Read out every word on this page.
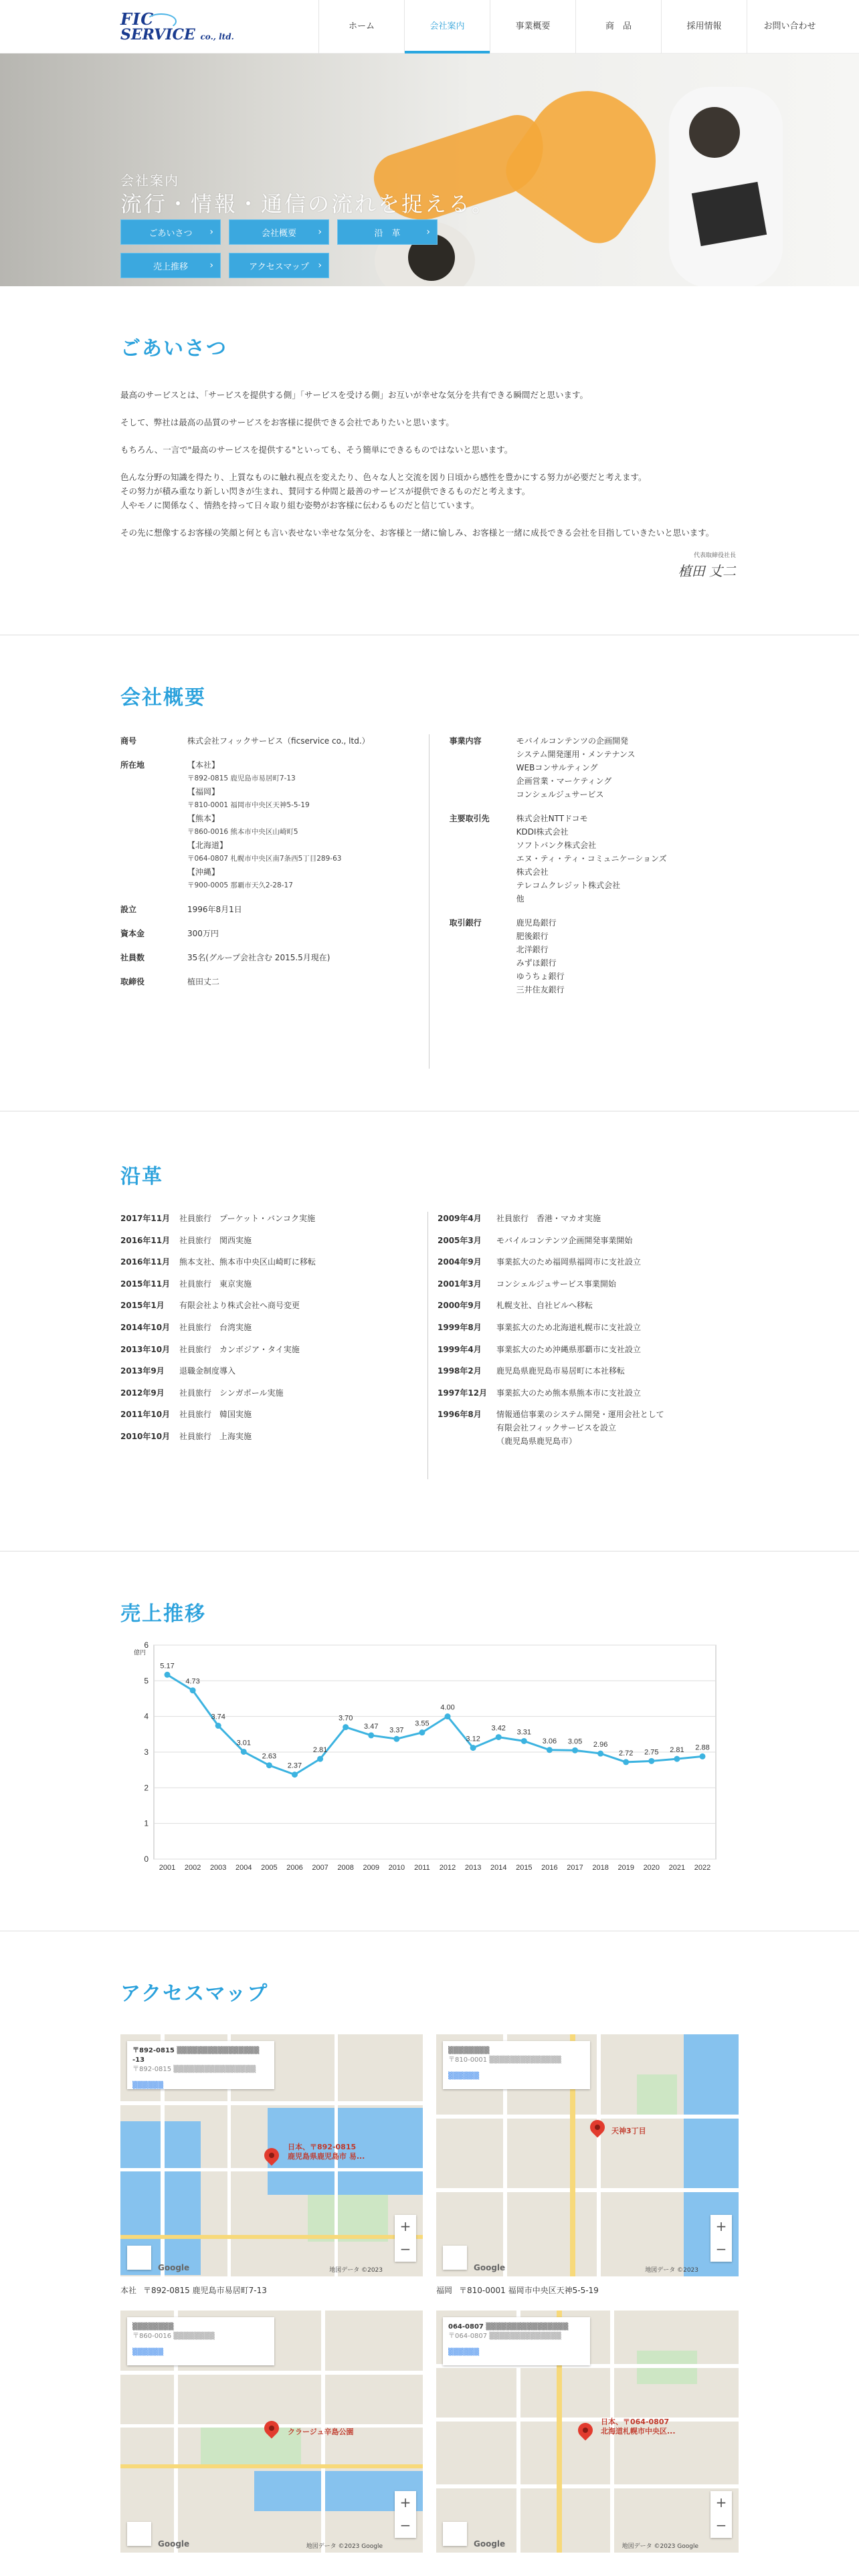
FIC
SERVICE co., ltd.
ホーム	会社案内	事業概要	商　品	採用情報	お問い合わせ
会社案内
流行・情報・通信の流れを捉える。
ごあいさつ ›	会社概要 ›	沿　革	›
売上推移 ›	アクセスマップ ›
ごあいさつ

最高のサービスとは、「サービスを提供する側」「サービスを受ける側」お互いが幸せな気分を共有できる瞬間だと思います。

そして、弊社は最高の品質のサービスをお客様に提供できる会社でありたいと思います。

もちろん、一言で"最高のサービスを提供する"といっても、そう簡単にできるものではないと思います。

色んな分野の知識を得たり、上質なものに触れ視点を変えたり、色々な人と交流を図り日頃から感性を豊かにする努力が必要だと考えます。
その努力が積み重なり新しい閃きが生まれ、賛同する仲間と最善のサービスが提供できるものだと考えます。
人やモノに関係なく、情熱を持って日々取り組む姿勢がお客様に伝わるものだと信じています。

その先に想像するお客様の笑顔と何とも言い表せない幸せな気分を、お客様と一緒に愉しみ、お客様と一緒に成長できる会社を目指していきたいと思います。

代表取締役社長
植田 丈二
会社概要
商号	株式会社フィックサービス（ficservice co., ltd.）
所在地	【本社】
〒892-0815 鹿児島市易居町7-13
【福岡】
〒810-0001 福岡市中央区天神5-5-19
【熊本】
〒860-0016 熊本市中央区山崎町5
【北海道】
〒064-0807 札幌市中央区南7条西5丁目289-63
【沖縄】
〒900-0005 那覇市天久2-28-17
設立	1996年8月1日
資本金	300万円
社員数	35名(グループ会社含む 2015.5月現在)
取締役	植田丈二
事業内容	モバイルコンテンツの企画開発
システム開発運用・メンテナンス
WEBコンサルティング
企画営業・マーケティング
コンシェルジュサービス
主要取引先	株式会社NTTドコモ
KDDI株式会社
ソフトバンク株式会社
エヌ・ティ・ティ・コミュニケーションズ
株式会社
テレコムクレジット株式会社
他
取引銀行	鹿児島銀行
肥後銀行
北洋銀行
みずほ銀行
ゆうちょ銀行
三井住友銀行
沿革
2017年11月	社員旅行　プーケット・バンコク実施
2016年11月	社員旅行　関西実施
2016年11月	熊本支社、熊本市中央区山崎町に移転
2015年11月	社員旅行　東京実施
2015年1月	有限会社より株式会社へ商号変更
2014年10月	社員旅行　台湾実施
2013年10月	社員旅行　カンボジア・タイ実施
2013年9月	退職金制度導入
2012年9月	社員旅行　シンガポール実施
2011年10月	社員旅行　韓国実施
2010年10月	社員旅行　上海実施
2009年4月	社員旅行　香港・マカオ実施
2005年3月	モバイルコンテンツ企画開発事業開始
2004年9月	事業拡大のため福岡県福岡市に支社設立
2001年3月	コンシェルジュサービス事業開始
2000年9月	札幌支社、自社ビルへ移転
1999年8月	事業拡大のため北海道札幌市に支社設立
1999年4月	事業拡大のため沖縄県那覇市に支社設立
1998年2月	鹿児島県鹿児島市易居町に本社移転
1997年12月	事業拡大のため熊本県熊本市に支社設立
1996年8月	情報通信事業のシステム開発・運用会社として
有限会社フィックサービスを設立
（鹿児島県鹿児島市）
売上推移
0
1
2
3
4
5
6
億円
2001 2002 2003 2004 2005 2006 2007 2008 2009 2010 2011 2012 2013 2014 2015 2016 2017 2018 2019 2020 2021 2022
5.17
4.73
3.74
3.01
2.63
2.37
2.81
3.70
3.47 3.37
3.55
4.00
3.12
3.42 3.31
3.06 3.05 2.96
2.72 2.75 2.81 2.88
アクセスマップ
日本、〒892-0815
鹿児島県鹿児島市 易...
〒892-0815 ▒▒▒▒▒▒▒▒▒▒▒▒▒▒▒▒ -13
〒892-0815 ▒▒▒▒▒▒▒▒▒▒▒▒▒▒▒▒
▒▒▒▒▒▒
+
−
Google	地図データ ©2023
本社 〒892-0815 鹿児島市易居町7-13
天神3丁目
▒▒▒▒▒▒▒▒
〒810-0001 ▒▒▒▒▒▒▒▒▒▒▒▒▒▒
▒▒▒▒▒▒
+
−
Google	地図データ ©2023
福岡 〒810-0001 福岡市中央区天神5-5-19
クラージュ辛島公園
▒▒▒▒▒▒▒▒
〒860-0016 ▒▒▒▒▒▒▒▒
▒▒▒▒▒▒
+
−
Google	地図データ ©2023 Google
日本、〒064-0807
北海道札幌市中央区...
064-0807 ▒▒▒▒▒▒▒▒▒▒▒▒▒▒▒▒
〒064-0807 ▒▒▒▒▒▒▒▒▒▒▒▒▒▒
▒▒▒▒▒▒
+
−
Google	地図データ ©2023 Google
